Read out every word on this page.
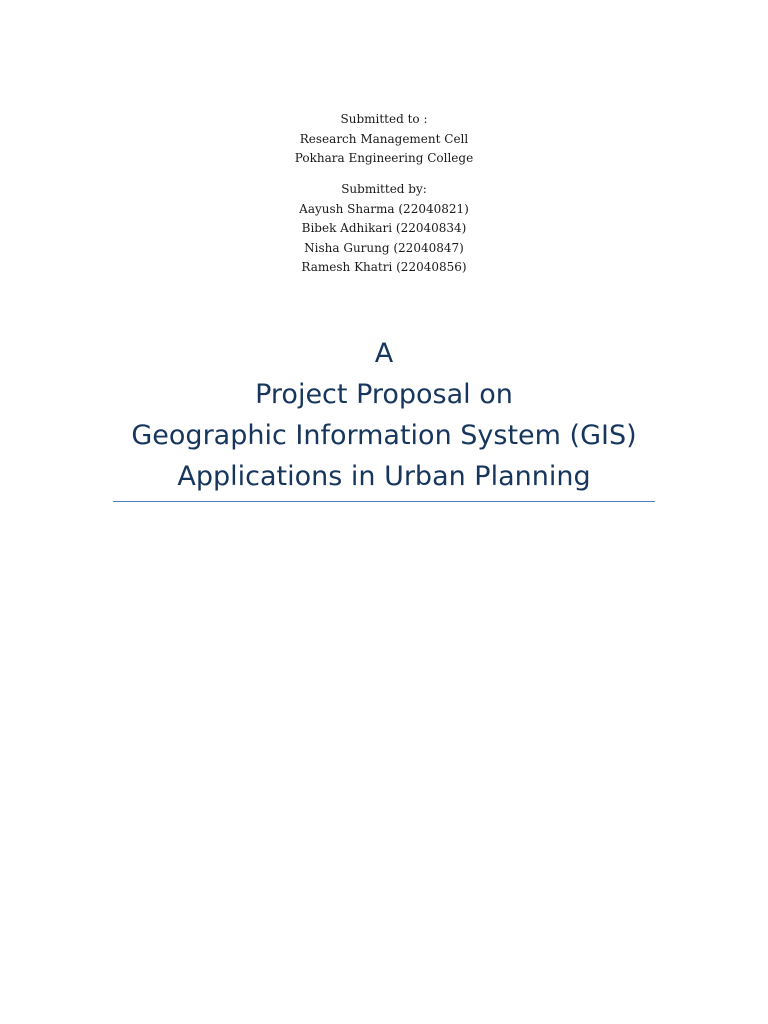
Submitted to :
Research Management Cell
Pokhara Engineering College
Submitted by:
Aayush Sharma (22040821)
Bibek Adhikari (22040834)
Nisha Gurung (22040847)
Ramesh Khatri (22040856)
A
Project Proposal on
Geographic Information System (GIS)
Applications in Urban Planning
